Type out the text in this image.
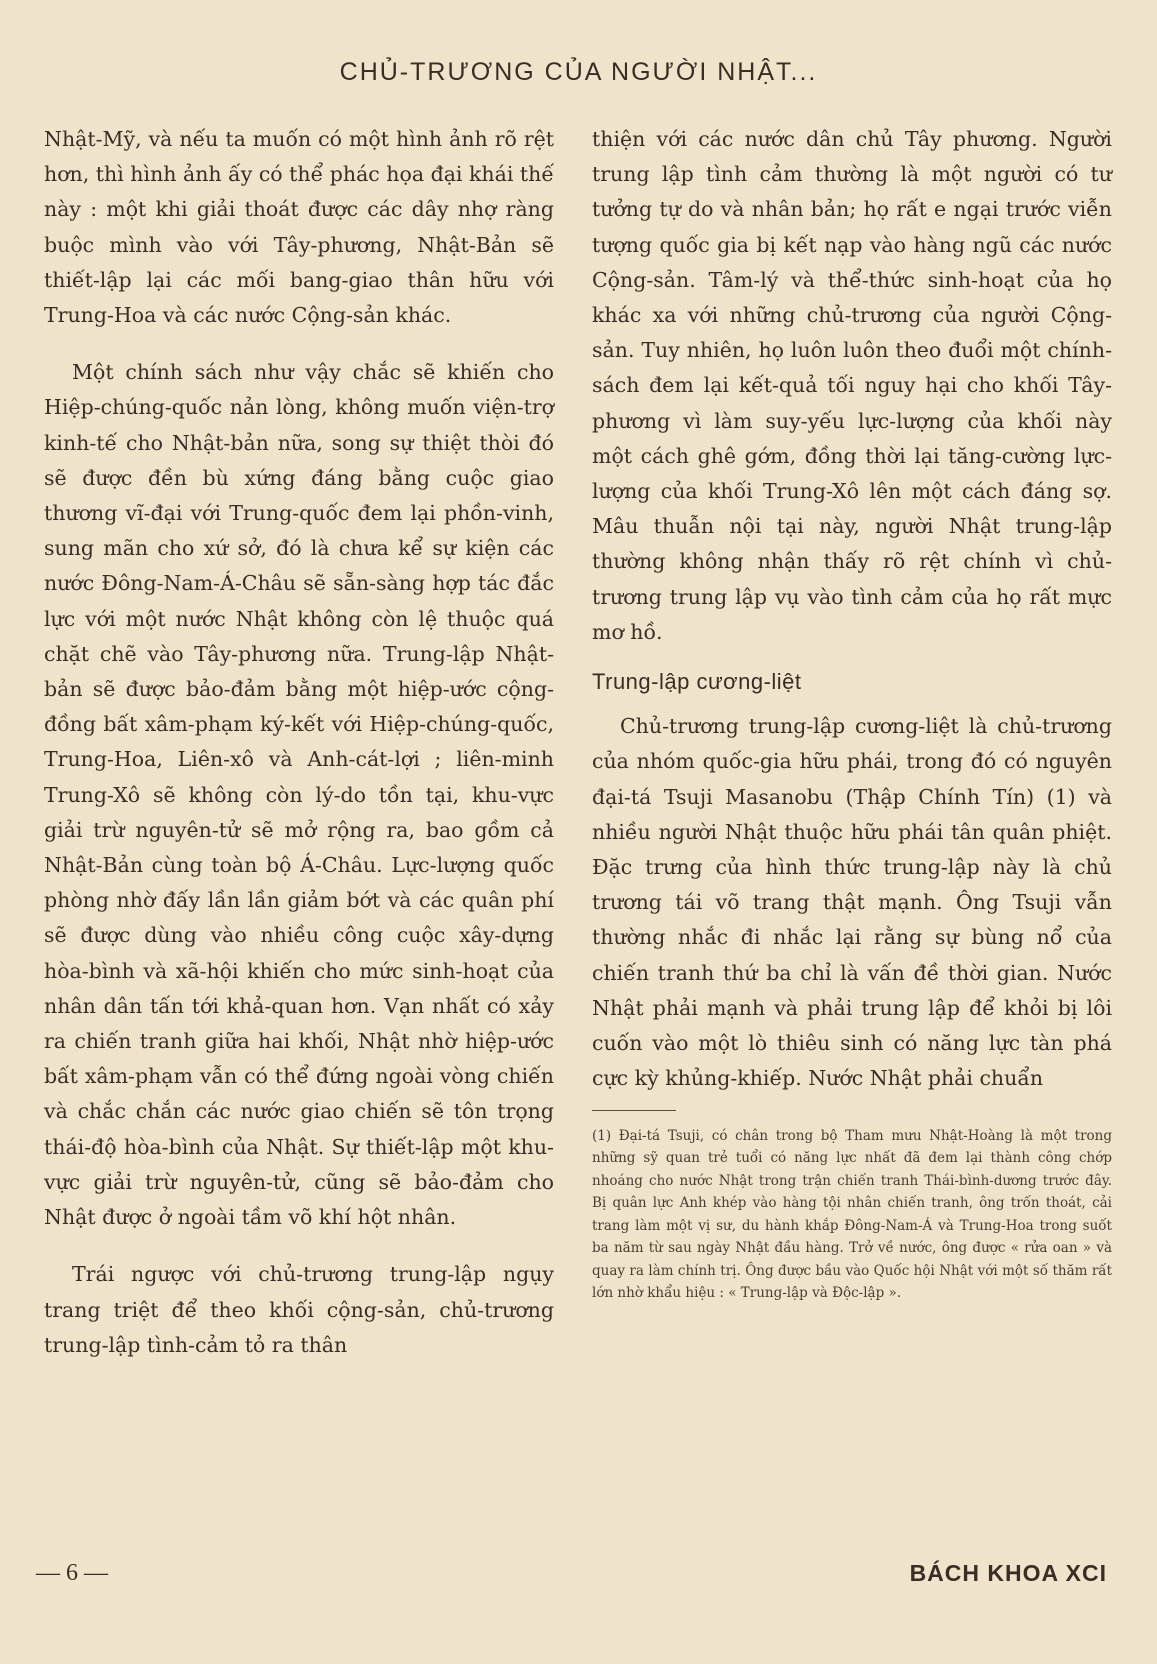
CHỦ-TRƯƠNG CỦA NGƯỜI NHẬT...

Nhật-Mỹ, và nếu ta muốn có một hình ảnh rõ rệt hơn, thì hình ảnh ấy có thể phác họa đại khái thế này : một khi giải thoát được các dây nhợ ràng buộc mình vào với Tây-phương, Nhật-Bản sẽ thiết-lập lại các mối bang-giao thân hữu với Trung-Hoa và các nước Cộng-sản khác.

Một chính sách như vậy chắc sẽ khiến cho Hiệp-chúng-quốc nản lòng, không muốn viện-trợ kinh-tế cho Nhật-bản nữa, song sự thiệt thòi đó sẽ được đền bù xứng đáng bằng cuộc giao thương vĩ-đại với Trung-quốc đem lại phồn-vinh, sung mãn cho xứ sở, đó là chưa kể sự kiện các nước Đông-Nam-Á-Châu sẽ sẵn-sàng hợp tác đắc lực với một nước Nhật không còn lệ thuộc quá chặt chẽ vào Tây-phương nữa. Trung-lập Nhật-bản sẽ được bảo-đảm bằng một hiệp-ước cộng-đồng bất xâm-phạm ký-kết với Hiệp-chúng-quốc, Trung-Hoa, Liên-xô và Anh-cát-lợi ; liên-minh Trung-Xô sẽ không còn lý-do tồn tại, khu-vực giải trừ nguyên-tử sẽ mở rộng ra, bao gồm cả Nhật-Bản cùng toàn bộ Á-Châu. Lực-lượng quốc phòng nhờ đấy lần lần giảm bớt và các quân phí sẽ được dùng vào nhiều công cuộc xây-dựng hòa-bình và xã-hội khiến cho mức sinh-hoạt của nhân dân tấn tới khả-quan hơn. Vạn nhất có xảy ra chiến tranh giữa hai khối, Nhật nhờ hiệp-ước bất xâm-phạm vẫn có thể đứng ngoài vòng chiến và chắc chắn các nước giao chiến sẽ tôn trọng thái-độ hòa-bình của Nhật. Sự thiết-lập một khu-vực giải trừ nguyên-tử, cũng sẽ bảo-đảm cho Nhật được ở ngoài tầm võ khí hột nhân.

Trái ngược với chủ-trương trung-lập ngụy trang triệt để theo khối cộng-sản, chủ-trương trung-lập tình-cảm tỏ ra thân

thiện với các nước dân chủ Tây phương. Người trung lập tình cảm thường là một người có tư tưởng tự do và nhân bản; họ rất e ngại trước viễn tượng quốc gia bị kết nạp vào hàng ngũ các nước Cộng-sản. Tâm-lý và thể-thức sinh-hoạt của họ khác xa với những chủ-trương của người Cộng-sản. Tuy nhiên, họ luôn luôn theo đuổi một chính-sách đem lại kết-quả tối nguy hại cho khối Tây-phương vì làm suy-yếu lực-lượng của khối này một cách ghê gớm, đồng thời lại tăng-cường lực-lượng của khối Trung-Xô lên một cách đáng sợ. Mâu thuẫn nội tại này, người Nhật trung-lập thường không nhận thấy rõ rệt chính vì chủ-trương trung lập vụ vào tình cảm của họ rất mực mơ hồ.

Trung-lập cương-liệt

Chủ-trương trung-lập cương-liệt là chủ-trương của nhóm quốc-gia hữu phái, trong đó có nguyên đại-tá Tsuji Masanobu (Thập Chính Tín) (1) và nhiều người Nhật thuộc hữu phái tân quân phiệt. Đặc trưng của hình thức trung-lập này là chủ trương tái võ trang thật mạnh. Ông Tsuji vẫn thường nhắc đi nhắc lại rằng sự bùng nổ của chiến tranh thứ ba chỉ là vấn đề thời gian. Nước Nhật phải mạnh và phải trung lập để khỏi bị lôi cuốn vào một lò thiêu sinh có năng lực tàn phá cực kỳ khủng-khiếp. Nước Nhật phải chuẩn

(1) Đại-tá Tsuji, có chân trong bộ Tham mưu Nhật-Hoàng là một trong những sỹ quan trẻ tuổi có năng lực nhất đã đem lại thành công chớp nhoáng cho nước Nhật trong trận chiến tranh Thái-bình-dương trước đây. Bị quân lực Anh khép vào hàng tội nhân chiến tranh, ông trốn thoát, cải trang làm một vị sư, du hành khắp Đông-Nam-Á và Trung-Hoa trong suốt ba năm từ sau ngày Nhật đầu hàng. Trở về nước, ông được « rửa oan » và quay ra làm chính trị. Ông được bầu vào Quốc hội Nhật với một số thăm rất lớn nhờ khẩu hiệu : « Trung-lập và Độc-lập ».

— 6 —	BÁCH KHOA XCI
